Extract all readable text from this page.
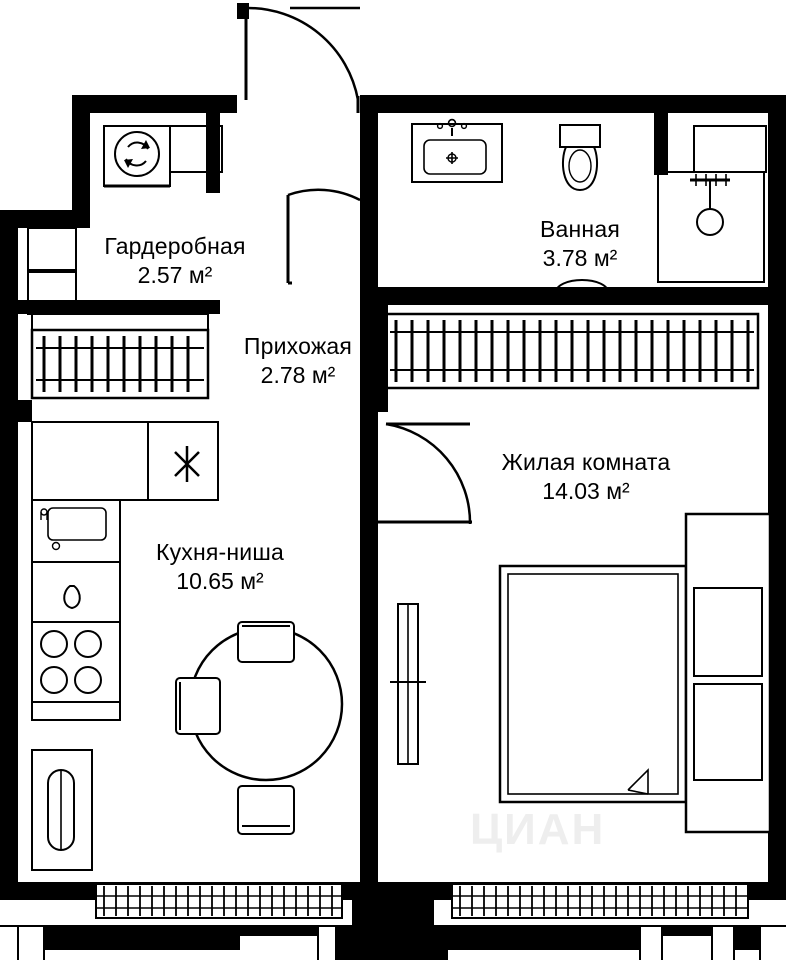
ЦИАН
Гардеробная
2.57 м²
Ванная
3.78 м²
Прихожая
2.78 м²
Жилая комната
14.03 м²
Кухня-ниша
10.65 м²
